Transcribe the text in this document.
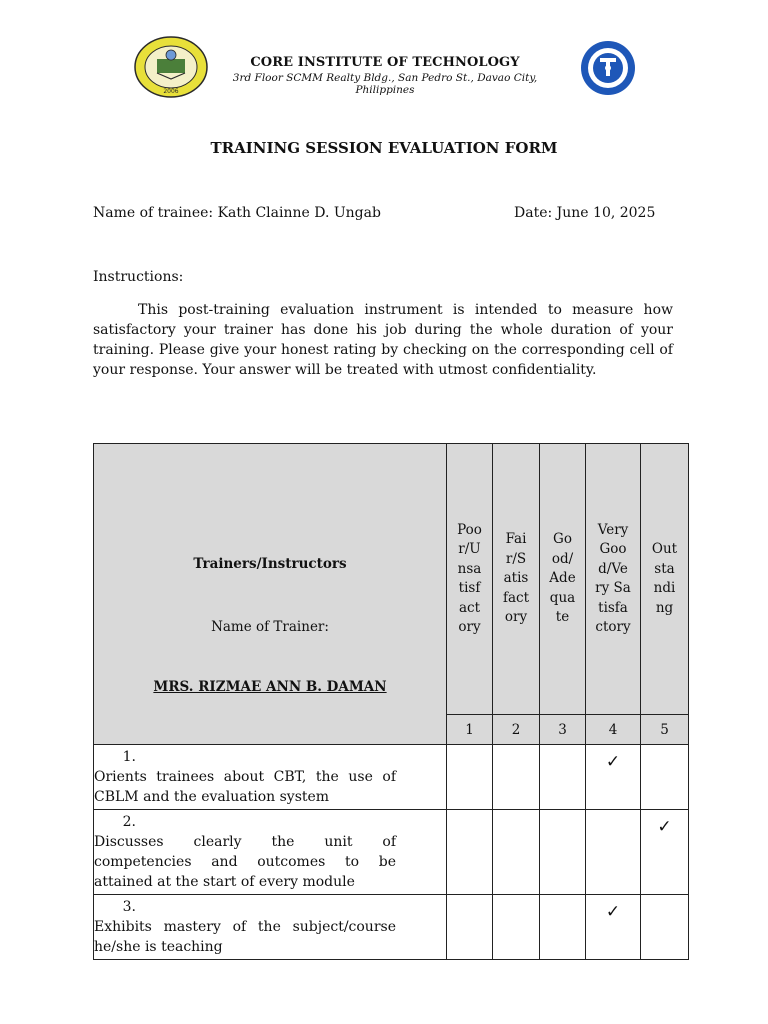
2006
CORE INSTITUTE OF TECHNOLOGY
3rd Floor SCMM Realty Bldg., San Pedro St., Davao City, Philippines
TRAINING SESSION EVALUATION FORM
Name of trainee: Kath Clainne D. Ungab	Date: June 10, 2025
Instructions:
This post-training evaluation instrument is intended to measure how satisfactory your trainer has done his job during the whole duration of your training. Please give your honest rating by checking on the corresponding cell of your response. Your answer will be treated with utmost confidentiality.
Trainers/Instructors
Name of Trainer:
MRS. RIZMAE ANN B. DAMAN	Poor/Unsatisfactory	Fair/Satisfactory	Good/Adequate	Very Good/Very Satisfactory	Outstanding
	1	2	3	4	5
1. Orients trainees about CBT, the use of CBLM and the evaluation system				✓	
2. Discusses clearly the unit of competencies and outcomes to be attained at the start of every module					✓
3. Exhibits mastery of the subject/course he/she is teaching				✓	
